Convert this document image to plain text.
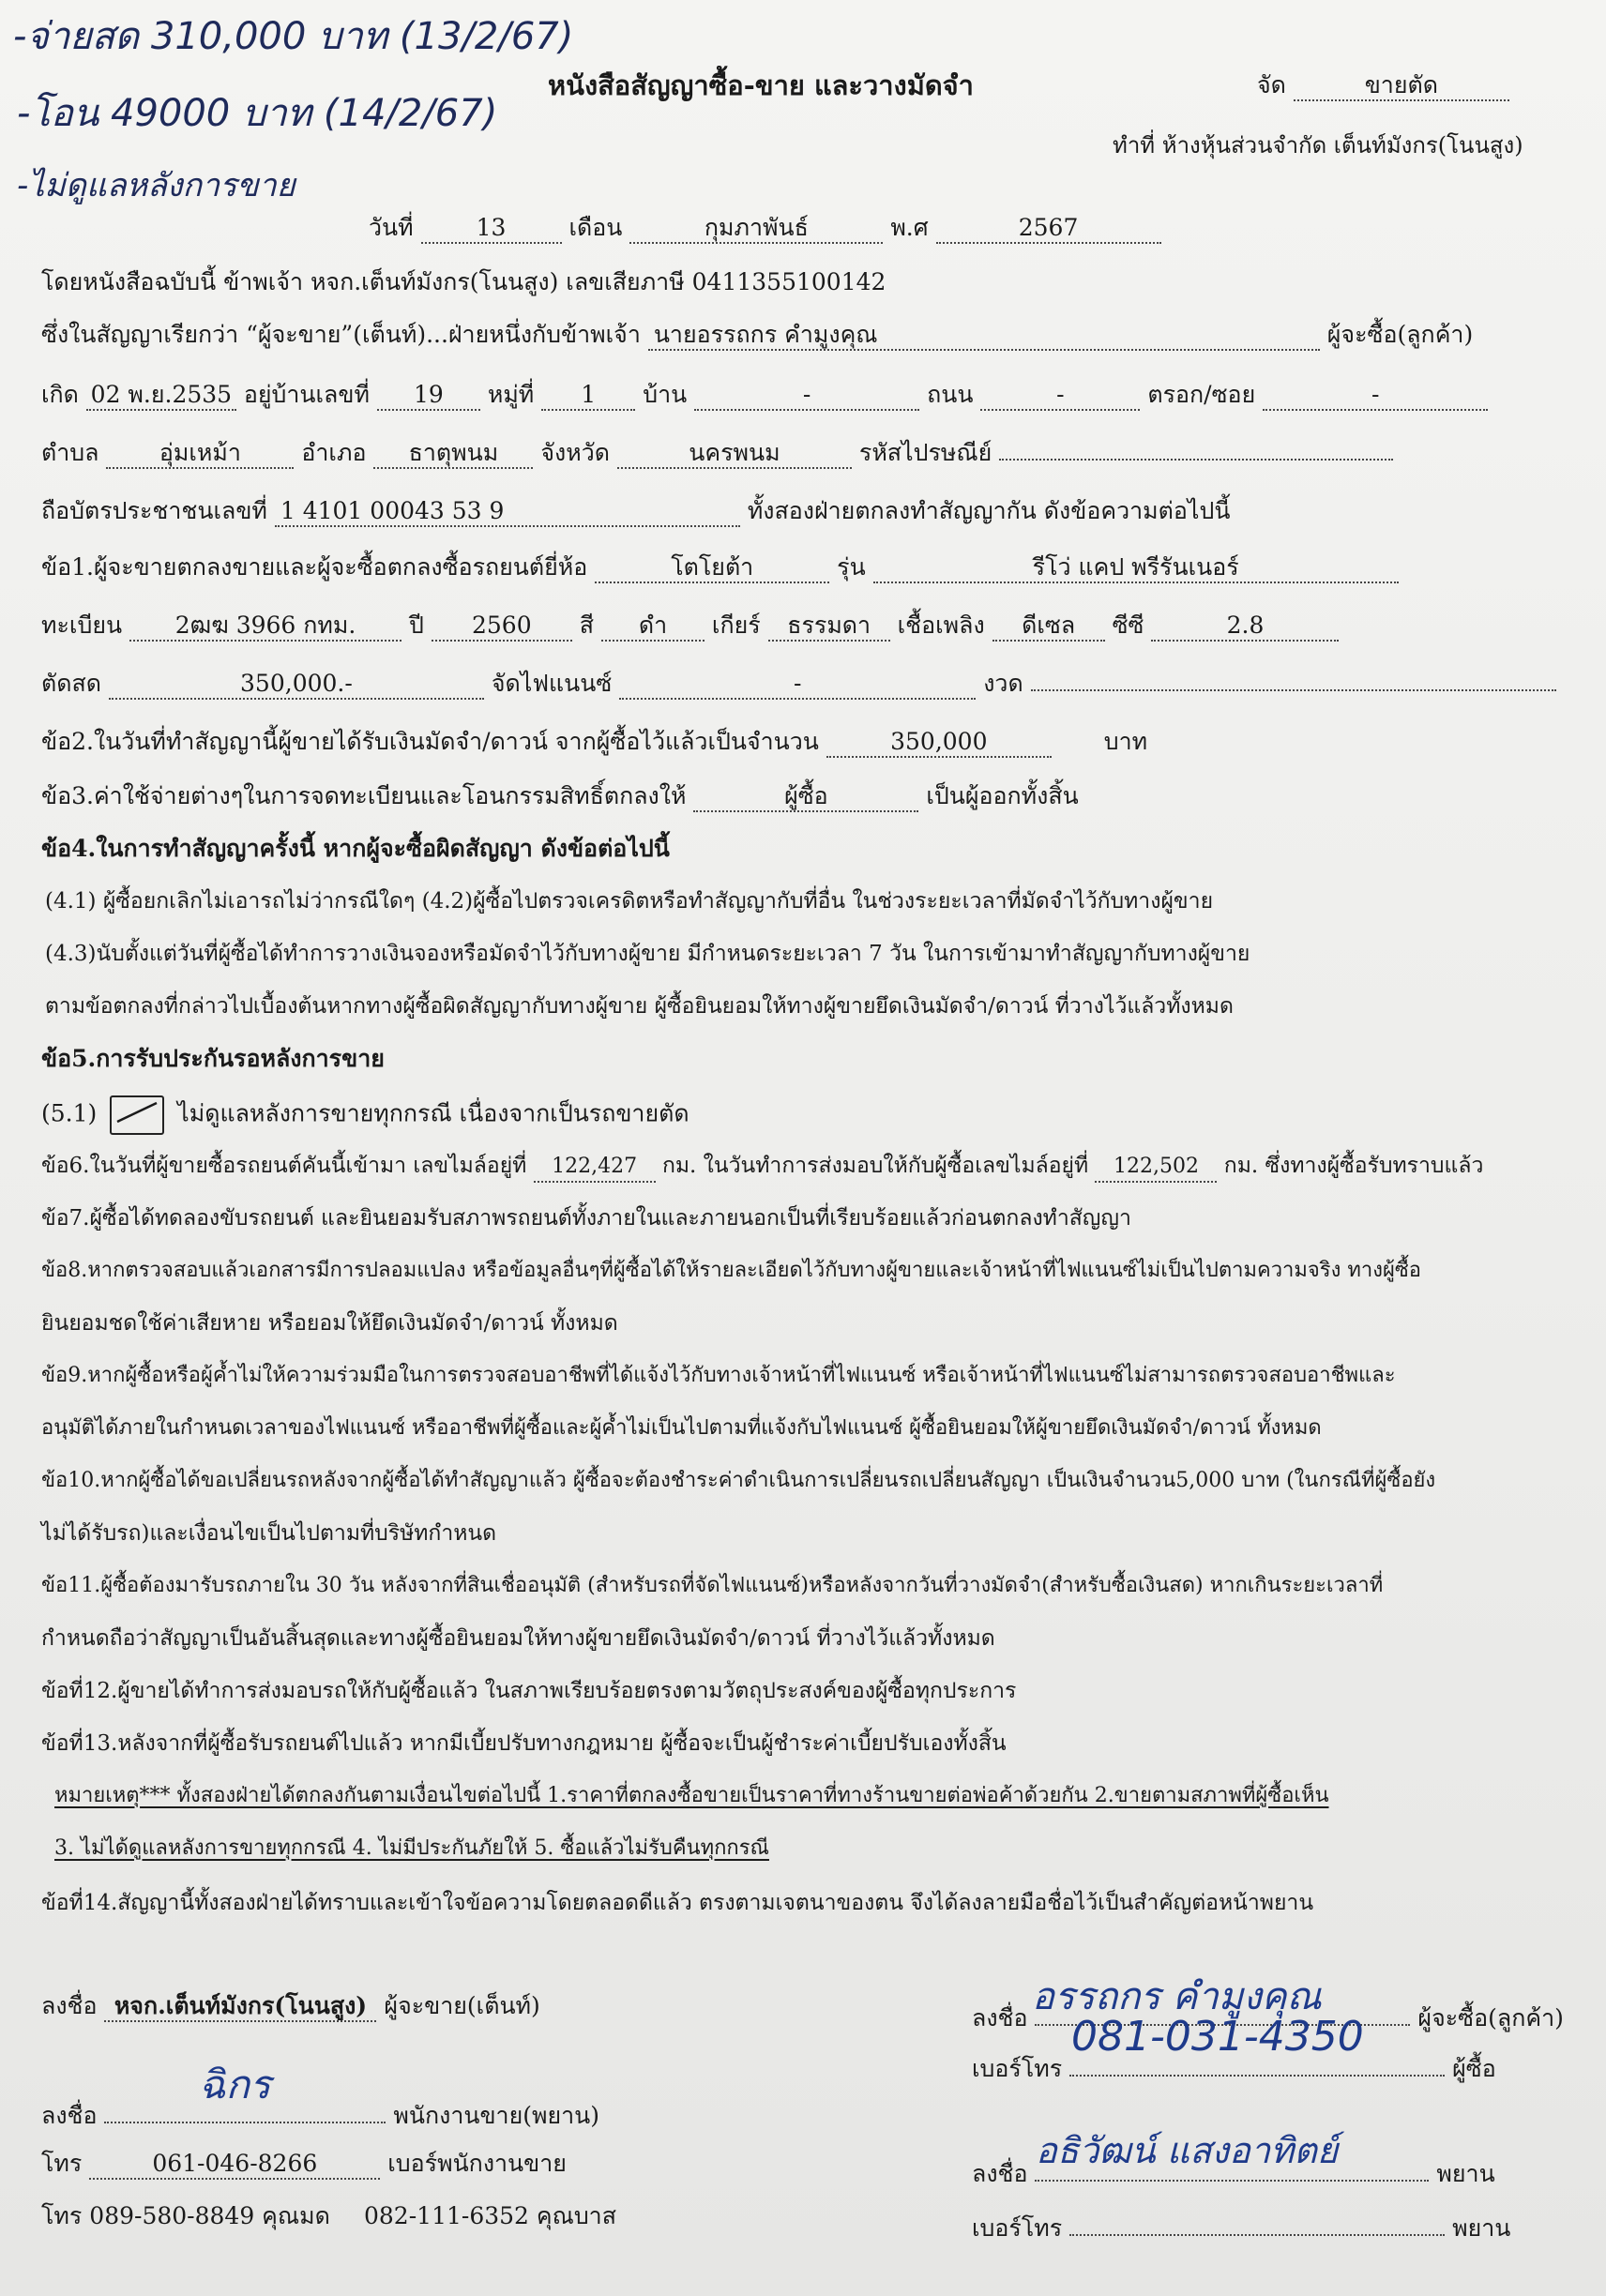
-จ่ายสด 310,000 บาท (13/2/67)
-โอน 49000 บาท (14/2/67)
-ไม่ดูแลหลังการขาย
หนังสือสัญญาซื้อ-ขาย และวางมัดจำ	จัด	ขายตัด
ทำที่ ห้างหุ้นส่วนจำกัด เต็นท์มังกร(โนนสูง)
วันที่	13	เดือน	กุมภาพันธ์	พ.ศ	2567
โดยหนังสือฉบับนี้ ข้าพเจ้า หจก.เต็นท์มังกร(โนนสูง) เลขเสียภาษี 0411355100142
ซึ่งในสัญญาเรียกว่า “ผู้จะขาย”(เต็นท์)...ฝ่ายหนึ่งกับข้าพเจ้า นายอรรถกร คำมูงคุณ	ผู้จะซื้อ(ลูกค้า)
เกิด 02 พ.ย.2535 อยู่บ้านเลขที่ 19 หมู่ที่ 1 บ้าน	-	ถนน	-	ตรอก/ซอย	-
ตำบล	อุ่มเหม้า	อำเภอ ธาตุพนม จังหวัด	นครพนม	รหัสไปรษณีย์
ถือบัตรประชาชนเลขที่ 1 4101 00043 53 9	ทั้งสองฝ่ายตกลงทำสัญญากัน ดังข้อความต่อไปนี้
ข้อ1.ผู้จะขายตกลงขายและผู้จะซื้อตกลงซื้อรถยนต์ยี่ห้อ	โตโยต้า	รุ่น	รีโว่ แคป พรีรันเนอร์
ทะเบียน 2ฒฆ 3966 กทม. ปี 2560 สี ดำ เกียร์ ธรรมดา เชื้อเพลิง ดีเซล ซีซี	2.8
ตัดสด	350,000.-	จัดไฟแนนซ์	-	งวด
ข้อ2.ในวันที่ทำสัญญานี้ผู้ขายได้รับเงินมัดจำ/ดาวน์ จากผู้ซื้อไว้แล้วเป็นจำนวน	350,000	บาท
ข้อ3.ค่าใช้จ่ายต่างๆในการจดทะเบียนและโอนกรรมสิทธิ์ตกลงให้	ผู้ซื้อ	เป็นผู้ออกทั้งสิ้น
ข้อ4.ในการทำสัญญาครั้งนี้ หากผู้จะซื้อผิดสัญญา ดังข้อต่อไปนี้
(4.1) ผู้ซื้อยกเลิกไม่เอารถไม่ว่ากรณีใดๆ (4.2)ผู้ซื้อไปตรวจเครดิตหรือทำสัญญากับที่อื่น ในช่วงระยะเวลาที่มัดจำไว้กับทางผู้ขาย
(4.3)นับตั้งแต่วันที่ผู้ซื้อได้ทำการวางเงินจองหรือมัดจำไว้กับทางผู้ขาย มีกำหนดระยะเวลา 7 วัน ในการเข้ามาทำสัญญากับทางผู้ขาย
ตามข้อตกลงที่กล่าวไปเบื้องต้นหากทางผู้ซื้อผิดสัญญากับทางผู้ขาย ผู้ซื้อยินยอมให้ทางผู้ขายยึดเงินมัดจำ/ดาวน์ ที่วางไว้แล้วทั้งหมด
ข้อ5.การรับประกันรอหลังการขาย
(5.1)	ไม่ดูแลหลังการขายทุกกรณี เนื่องจากเป็นรถขายตัด
ข้อ6.ในวันที่ผู้ขายซื้อรถยนต์คันนี้เข้ามา เลขไมล์อยู่ที่ 122,427 กม. ในวันทำการส่งมอบให้กับผู้ซื้อเลขไมล์อยู่ที่ 122,502 กม. ซึ่งทางผู้ซื้อรับทราบแล้ว
ข้อ7.ผู้ซื้อได้ทดลองขับรถยนต์ และยินยอมรับสภาพรถยนต์ทั้งภายในและภายนอกเป็นที่เรียบร้อยแล้วก่อนตกลงทำสัญญา
ข้อ8.หากตรวจสอบแล้วเอกสารมีการปลอมแปลง หรือข้อมูลอื่นๆที่ผู้ซื้อได้ให้รายละเอียดไว้กับทางผู้ขายและเจ้าหน้าที่ไฟแนนซ์ไม่เป็นไปตามความจริง ทางผู้ซื้อ
ยินยอมชดใช้ค่าเสียหาย หรือยอมให้ยึดเงินมัดจำ/ดาวน์ ทั้งหมด
ข้อ9.หากผู้ซื้อหรือผู้ค้ำไม่ให้ความร่วมมือในการตรวจสอบอาชีพที่ได้แจ้งไว้กับทางเจ้าหน้าที่ไฟแนนซ์ หรือเจ้าหน้าที่ไฟแนนซ์ไม่สามารถตรวจสอบอาชีพและ
อนุมัติได้ภายในกำหนดเวลาของไฟแนนซ์ หรืออาชีพที่ผู้ซื้อและผู้ค้ำไม่เป็นไปตามที่แจ้งกับไฟแนนซ์ ผู้ซื้อยินยอมให้ผู้ขายยึดเงินมัดจำ/ดาวน์ ทั้งหมด
ข้อ10.หากผู้ซื้อได้ขอเปลี่ยนรถหลังจากผู้ซื้อได้ทำสัญญาแล้ว ผู้ซื้อจะต้องชำระค่าดำเนินการเปลี่ยนรถเปลี่ยนสัญญา เป็นเงินจำนวน5,000 บาท (ในกรณีที่ผู้ซื้อยัง
ไม่ได้รับรถ)และเงื่อนไขเป็นไปตามที่บริษัทกำหนด
ข้อ11.ผู้ซื้อต้องมารับรถภายใน 30 วัน หลังจากที่สินเชื่ออนุมัติ (สำหรับรถที่จัดไฟแนนซ์)หรือหลังจากวันที่วางมัดจำ(สำหรับซื้อเงินสด) หากเกินระยะเวลาที่
กำหนดถือว่าสัญญาเป็นอันสิ้นสุดและทางผู้ซื้อยินยอมให้ทางผู้ขายยึดเงินมัดจำ/ดาวน์ ที่วางไว้แล้วทั้งหมด
ข้อที่12.ผู้ขายได้ทำการส่งมอบรถให้กับผู้ซื้อแล้ว ในสภาพเรียบร้อยตรงตามวัตถุประสงค์ของผู้ซื้อทุกประการ
ข้อที่13.หลังจากที่ผู้ซื้อรับรถยนต์ไปแล้ว หากมีเบี้ยปรับทางกฎหมาย ผู้ซื้อจะเป็นผู้ชำระค่าเบี้ยปรับเองทั้งสิ้น
หมายเหตุ*** ทั้งสองฝ่ายได้ตกลงกันตามเงื่อนไขต่อไปนี้ 1.ราคาที่ตกลงซื้อขายเป็นราคาที่ทางร้านขายต่อพ่อค้าด้วยกัน 2.ขายตามสภาพที่ผู้ซื้อเห็น
3. ไม่ได้ดูแลหลังการขายทุกกรณี 4. ไม่มีประกันภัยให้ 5. ซื้อแล้วไม่รับคืนทุกกรณี
ข้อที่14.สัญญานี้ทั้งสองฝ่ายได้ทราบและเข้าใจข้อความโดยตลอดดีแล้ว ตรงตามเจตนาของตน จึงได้ลงลายมือชื่อไว้เป็นสำคัญต่อหน้าพยาน
ลงชื่อ หจก.เต็นท์มังกร(โนนสูง) ผู้จะขาย(เต็นท์)
ลงชื่อ	พนักงานขาย(พยาน)
ฉิกร
โทร	061-046-8266	เบอร์พนักงานขาย
โทร 089-580-8849 คุณมด 082-111-6352 คุณบาส
ลงชื่อ	ผู้จะซื้อ(ลูกค้า)
อรรถกร คำมูงคุณ
เบอร์โทร	ผู้ซื้อ
081-031-4350
ลงชื่อ	พยาน
อธิวัฒน์ แสงอาทิตย์
เบอร์โทร	พยาน
